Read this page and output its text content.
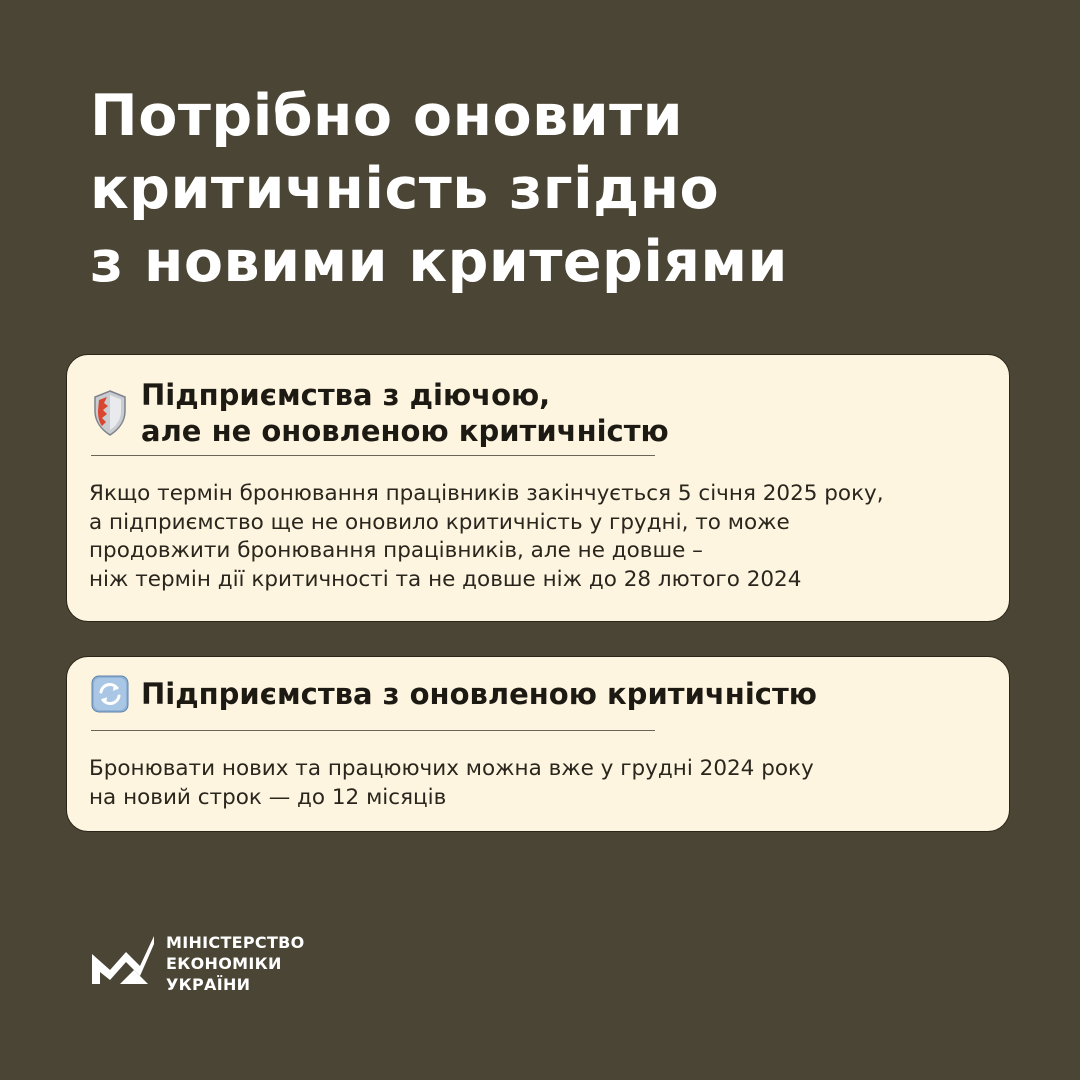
Потрібно оновити
критичність згідно
з новими критеріями
Підприємства з діючою,
але не оновленою критичністю
Якщо термін бронювання працівників закінчується 5 січня 2025 року,
а підприємство ще не оновило критичність у грудні, то може
продовжити бронювання працівників, але не довше –
ніж термін дії критичності та не довше ніж до 28 лютого 2024
Підприємства з оновленою критичністю
Бронювати нових та працюючих можна вже у грудні 2024 року
на новий строк — до 12 місяців
МІНІСТЕРСТВО
ЕКОНОМІКИ
УКРАЇНИ
